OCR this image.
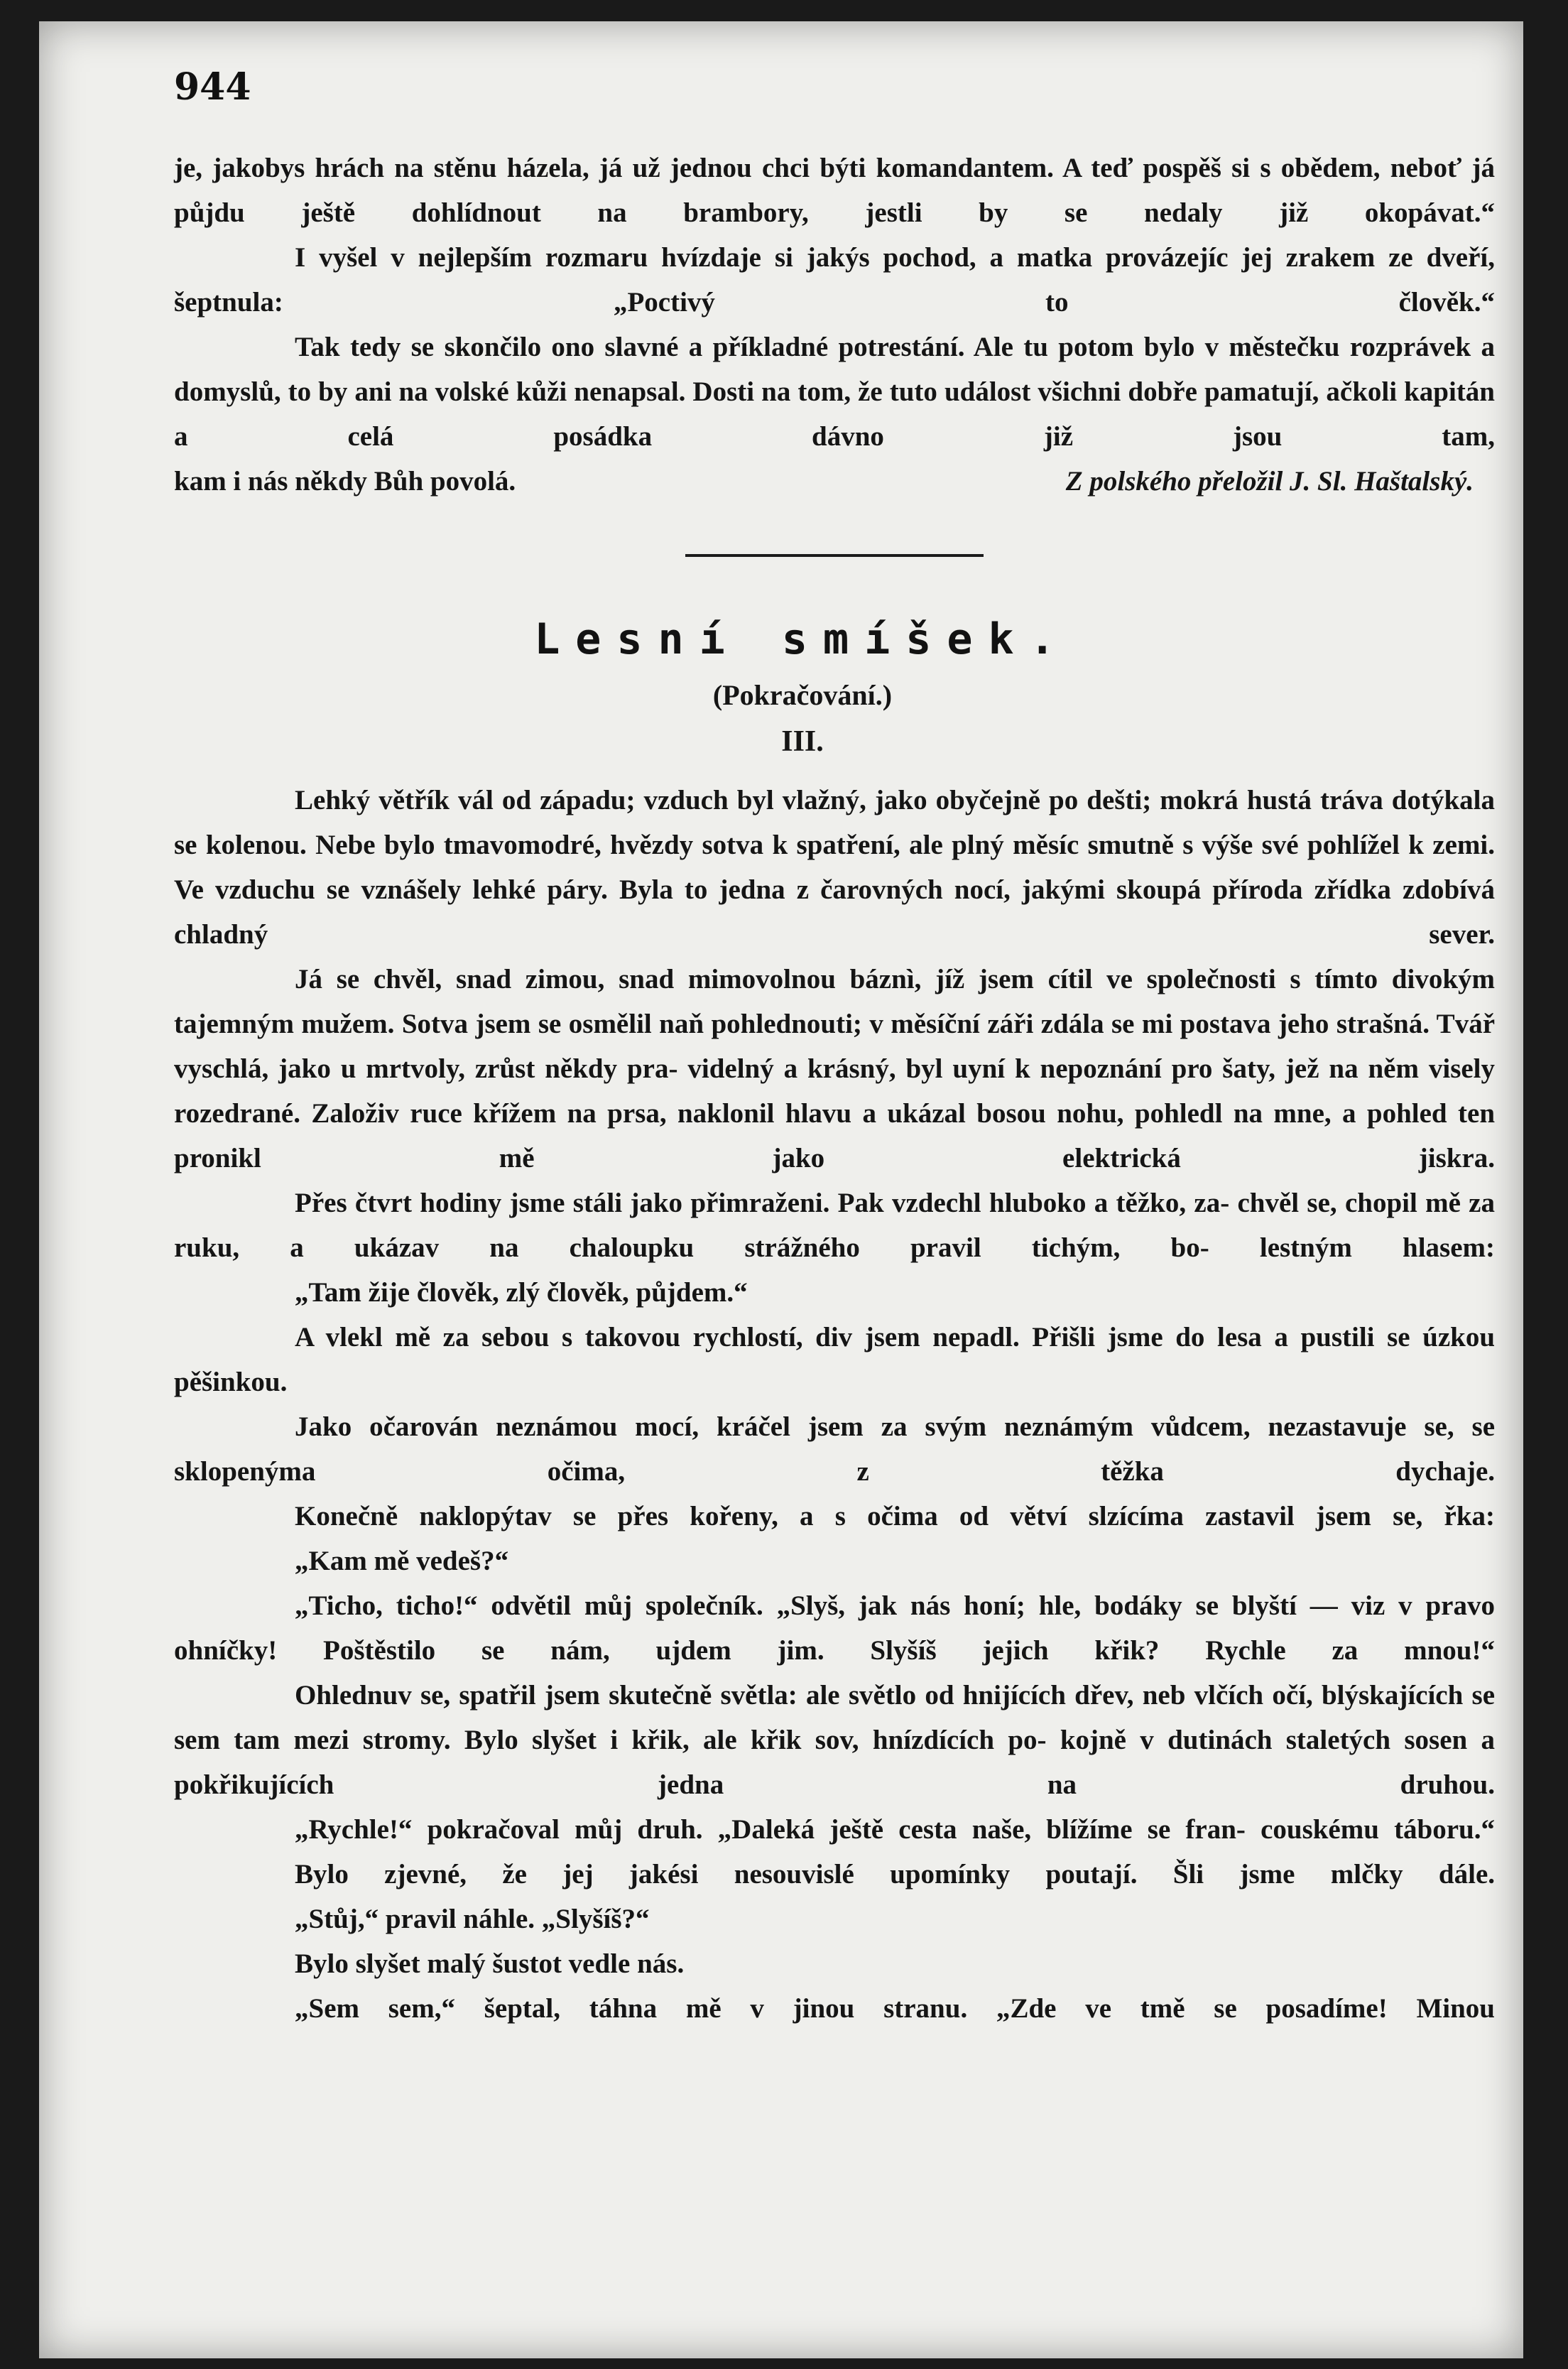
944

je, jakobys hrách na stěnu házela, já už jednou chci býti komandantem. A teď pospěš si s obědem, neboť já půjdu ještě dohlídnout na brambory, jestli by se nedaly již okopávat.“

I vyšel v nejlepším rozmaru hvízdaje si jakýs pochod, a matka provázejíc jej zrakem ze dveří, šeptnula: „Poctivý to člověk.“

Tak tedy se skončilo ono slavné a příkladné potrestání. Ale tu potom bylo v městečku rozprávek a domyslů, to by ani na volské kůži nenapsal. Dosti na tom, že tuto událost všichni dobře pamatují, ačkoli kapitán a celá posádka dávno již jsou tam,

kam i nás někdy Bůh povolá.	Z polského přeložil J. Sl. Haštalský.
Lesní smíšek.
(Pokračování.)
III.

Lehký větřík vál od západu; vzduch byl vlažný, jako obyčejně po dešti; mokrá hustá tráva dotýkala se kolenou. Nebe bylo tmavomodré, hvězdy sotva k spatření, ale plný měsíc smutně s výše své pohlížel k zemi. Ve vzduchu se vznášely lehké páry. Byla to jedna z čarovných nocí, jakými skoupá příroda zřídka zdobívá chladný sever.

Já se chvěl, snad zimou, snad mimovolnou báznì, jíž jsem cítil ve společnosti s tímto divokým tajemným mužem. Sotva jsem se osmělil naň pohlednouti; v měsíční záři zdála se mi postava jeho strašná. Tvář vyschlá, jako u mrtvoly, zrůst někdy pra- videlný a krásný, byl uyní k nepoznání pro šaty, jež na něm visely rozedrané. Založiv ruce křížem na prsa, naklonil hlavu a ukázal bosou nohu, pohledl na mne, a pohled ten pronikl mě jako elektrická jiskra.

Přes čtvrt hodiny jsme stáli jako přimraženi. Pak vzdechl hluboko a těžko, za- chvěl se, chopil mě za ruku, a ukázav na chaloupku strážného pravil tichým, bo- lestným hlasem:

„Tam žije člověk, zlý člověk, půjdem.“

A vlekl mě za sebou s takovou rychlostí, div jsem nepadl. Přišli jsme do lesa a pustili se úzkou pěšinkou.

Jako očarován neznámou mocí, kráčel jsem za svým neznámým vůdcem, nezastavuje se, se sklopenýma očima, z těžka dychaje.

Konečně naklopýtav se přes kořeny, a s očima od větví slzícíma zastavil jsem se, řka:

„Kam mě vedeš?“

„Ticho, ticho!“ odvětil můj společník. „Slyš, jak nás honí; hle, bodáky se blyští — viz v pravo ohníčky! Poštěstilo se nám, ujdem jim. Slyšíš jejich křik? Rychle za mnou!“

Ohlednuv se, spatřil jsem skutečně světla: ale světlo od hnijících dřev, neb vlčích očí, blýskajících se sem tam mezi stromy. Bylo slyšet i křik, ale křik sov, hnízdících po- kojně v dutinách staletých sosen a pokřikujících jedna na druhou.

„Rychle!“ pokračoval můj druh. „Daleká ještě cesta naše, blížíme se fran- couskému táboru.“

Bylo zjevné, že jej jakési nesouvislé upomínky poutají. Šli jsme mlčky dále.

„Stůj,“ pravil náhle. „Slyšíš?“

Bylo slyšet malý šustot vedle nás.

„Sem sem,“ šeptal, táhna mě v jinou stranu. „Zde ve tmě se posadíme! Minou
